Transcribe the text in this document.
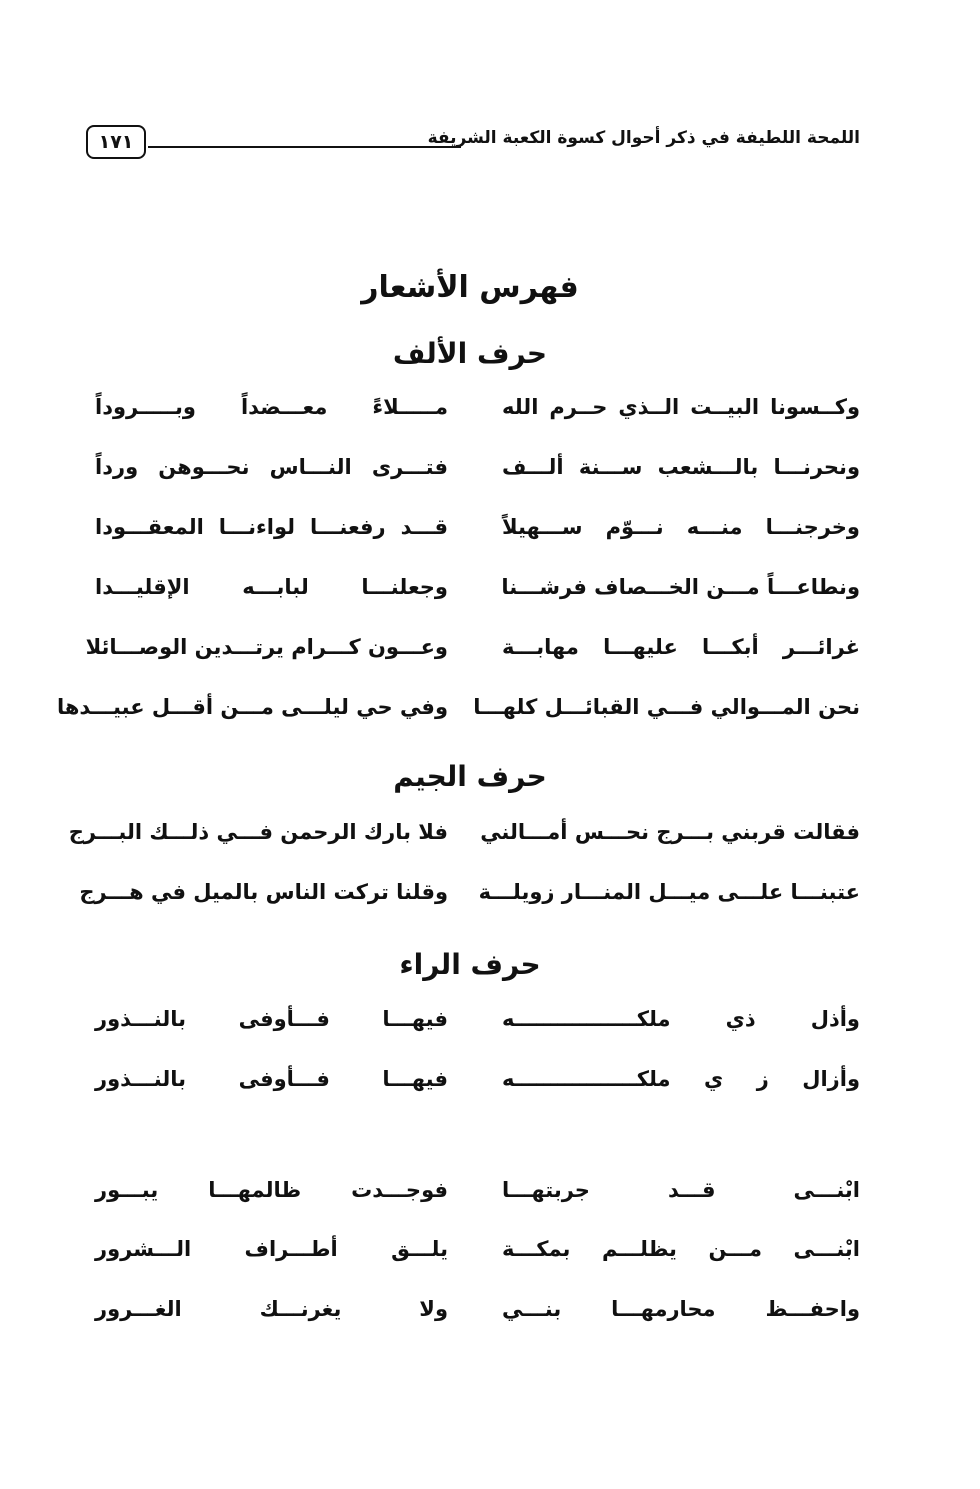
اللمحة اللطيفة في ذكر أحوال كسوة الكعبة الشريفة
١٧١
فهرس الأشعار
حرف الألف
وكــسونا البيــت الــذي حــرم الله
مـــــلاءً معـــضداً وبـــــروداً
ونحرنـــا بالـــشعب ســـنة ألـــف
فتـــرى النـــاس نحـــوهن ورداً
وخرجنـــا منـــه نـــوّم ســـهيلاً
قـــد رفعنـــا لواءنـــا المعقـــودا
ونطاعـــاً مـــن الخـــصاف فرشـــنا
وجعلنـــا لبابـــه الإقليـــدا
غرائـــر أبكـــا عليهـــا مهابـــة
وعـــون كـــرام يرتـــدين الوصـــائلا
نحن المـــوالي فـــي القبائـــل كلهـــا
وفي حي ليلـــى مـــن أقـــل عبيـــدها
حرف الجيم
فقالت قربني بـــرج نحـــس أمـــالني
فلا بارك الرحمن فـــي ذلـــك البـــرج
عتبنـــا علـــى ميـــل المنـــار زويلـــة
وقلنا تركت الناس بالميل في هـــرج
حرف الراء
وأذل ذي ملكـــــــــــــــــه
فيهـــا فـــأوفى بالنـــذور
وأزال ز ي ملكـــــــــــــــــه
فيهـــا فـــأوفى بالنـــذور
ابْنـــى قـــد جربتهـــا
فوجـــدت ظالمهـــا يبـــور
ابْنـــى مـــن يظلـــم بمكـــة
يلـــق أطـــراف الـــشرور
واحفـــظ محارمهـــا بنـــي
ولا يغرنـــك الغـــرور
